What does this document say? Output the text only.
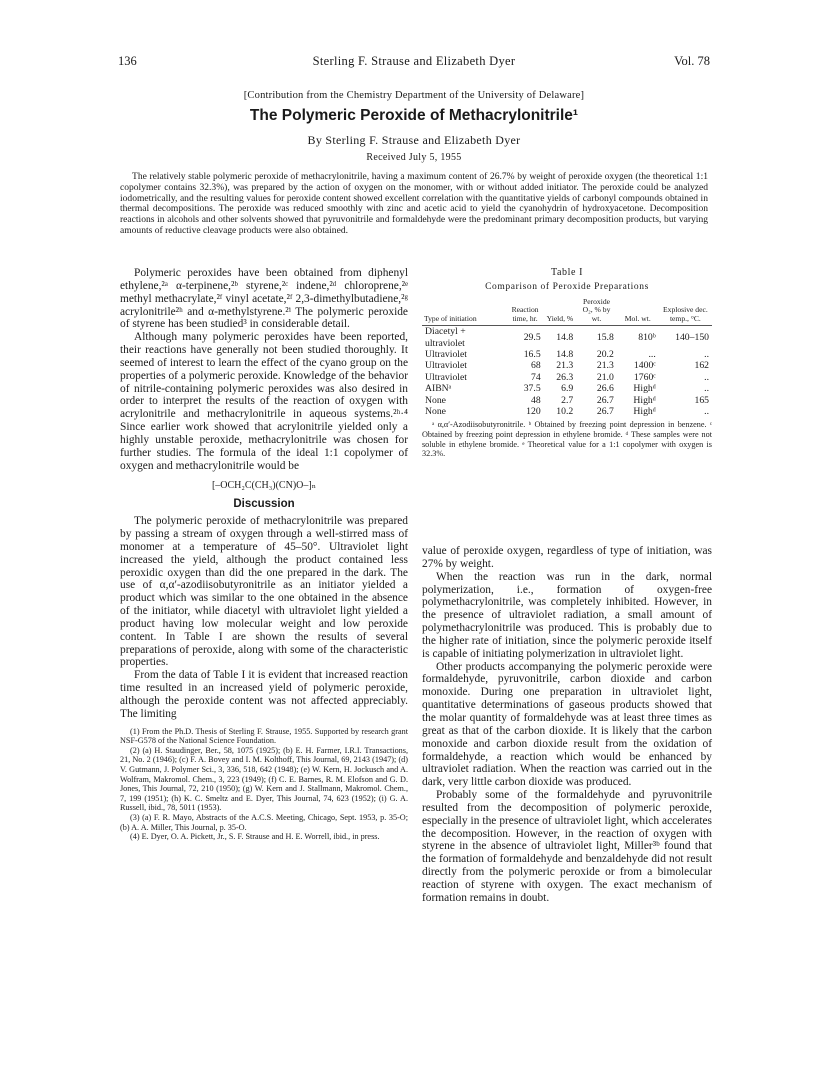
136	Sterling F. Strause and Elizabeth Dyer	Vol. 78
[Contribution from the Chemistry Department of the University of Delaware]
The Polymeric Peroxide of Methacrylonitrile¹
By Sterling F. Strause and Elizabeth Dyer
Received July 5, 1955
The relatively stable polymeric peroxide of methacrylonitrile, having a maximum content of 26.7% by weight of peroxide oxygen (the theoretical 1:1 copolymer contains 32.3%), was prepared by the action of oxygen on the monomer, with or without added initiator. The peroxide could be analyzed iodometrically, and the resulting values for peroxide content showed excellent correlation with the quantitative yields of carbonyl compounds obtained in thermal decompositions. The peroxide was reduced smoothly with zinc and acetic acid to yield the cyanohydrin of hydroxyacetone. Decomposition reactions in alcohols and other solvents showed that pyruvonitrile and formaldehyde were the predominant primary decomposition products, but varying amounts of reductive cleavage products were also obtained.

Polymeric peroxides have been obtained from diphenyl ethylene,²ᵃ α-terpinene,²ᵇ styrene,²ᶜ indene,²ᵈ chloroprene,²ᵉ methyl methacrylate,²ᶠ vinyl acetate,²ᶠ 2,3-dimethylbutadiene,²ᵍ acrylonitrile²ʰ and α-methylstyrene.²ⁱ The polymeric peroxide of styrene has been studied³ in considerable detail.

Although many polymeric peroxides have been reported, their reactions have generally not been studied thoroughly. It seemed of interest to learn the effect of the cyano group on the properties of a polymeric peroxide. Knowledge of the behavior of nitrile-containing polymeric peroxides was also desired in order to interpret the results of the reaction of oxygen with acrylonitrile and methacrylonitrile in aqueous systems.²ʰ·⁴ Since earlier work showed that acrylonitrile yielded only a highly unstable peroxide, methacrylonitrile was chosen for further studies. The formula of the ideal 1:1 copolymer of oxygen and methacrylonitrile would be

[–OCH₂C(CH₃)(CN)O–]ₙ
Discussion

The polymeric peroxide of methacrylonitrile was prepared by passing a stream of oxygen through a well-stirred mass of monomer at a temperature of 45–50°. Ultraviolet light increased the yield, although the product contained less peroxidic oxygen than did the one prepared in the dark. The use of α,α′-azodiisobutyronitrile as an initiator yielded a product which was similar to the one obtained in the absence of the initiator, while diacetyl with ultraviolet light yielded a product having low molecular weight and low peroxide content. In Table I are shown the results of several preparations of peroxide, along with some of the characteristic properties.

From the data of Table I it is evident that increased reaction time resulted in an increased yield of polymeric peroxide, although the peroxide content was not affected appreciably. The limiting

(1) From the Ph.D. Thesis of Sterling F. Strause, 1955. Supported by research grant NSF-G578 of the National Science Foundation.

(2) (a) H. Staudinger, Ber., 58, 1075 (1925); (b) E. H. Farmer, I.R.I. Transactions, 21, No. 2 (1946); (c) F. A. Bovey and I. M. Kolthoff, This Journal, 69, 2143 (1947); (d) V. Gutmann, J. Polymer Sci., 3, 336, 518, 642 (1948); (e) W. Kern, H. Jockusch and A. Wolfram, Makromol. Chem., 3, 223 (1949); (f) C. E. Barnes, R. M. Elofson and G. D. Jones, This Journal, 72, 210 (1950); (g) W. Kern and J. Stallmann, Makromol. Chem., 7, 199 (1951); (h) K. C. Smeltz and E. Dyer, This Journal, 74, 623 (1952); (i) G. A. Russell, ibid., 78, 5011 (1953).

(3) (a) F. R. Mayo, Abstracts of the A.C.S. Meeting, Chicago, Sept. 1953, p. 35-O; (b) A. A. Miller, This Journal, p. 35-O.

(4) E. Dyer, O. A. Pickett, Jr., S. F. Strause and H. E. Worrell, ibid., in press.

Table I
Comparison of Peroxide Preparations
Type of initiation	Reaction time, hr.	Yield, %	Peroxide O₂, % by wt.	Mol. wt.	Explosive dec. temp., °C.
Diacetyl + ultraviolet	29.5	14.8	15.8	810ᵇ	140–150
Ultraviolet	16.5	14.8	20.2	...	..
Ultraviolet	68	21.3	21.3	1400ᶜ	162
Ultraviolet	74	26.3	21.0	1760ᶜ	..
AIBNᵃ	37.5	6.9	26.6	Highᵈ	..
None	48	2.7	26.7	Highᵈ	165
None	120	10.2	26.7	Highᵈ	..
ᵃ α,α′-Azodiisobutyronitrile. ᵇ Obtained by freezing point depression in benzene. ᶜ Obtained by freezing point depression in ethylene bromide. ᵈ These samples were not soluble in ethylene bromide. ᵉ Theoretical value for a 1:1 copolymer with oxygen is 32.3%.

value of peroxide oxygen, regardless of type of initiation, was 27% by weight.

When the reaction was run in the dark, normal polymerization, i.e., formation of oxygen-free polymethacrylonitrile, was completely inhibited. However, in the presence of ultraviolet radiation, a small amount of polymethacrylonitrile was produced. This is probably due to the higher rate of initiation, since the polymeric peroxide itself is capable of initiating polymerization in ultraviolet light.

Other products accompanying the polymeric peroxide were formaldehyde, pyruvonitrile, carbon dioxide and carbon monoxide. During one preparation in ultraviolet light, quantitative determinations of gaseous products showed that the molar quantity of formaldehyde was at least three times as great as that of the carbon dioxide. It is likely that the carbon monoxide and carbon dioxide result from the oxidation of formaldehyde, a reaction which would be enhanced by ultraviolet radiation. When the reaction was carried out in the dark, very little carbon dioxide was produced.

Probably some of the formaldehyde and pyruvonitrile resulted from the decomposition of polymeric peroxide, especially in the presence of ultraviolet light, which accelerates the decomposition. However, in the reaction of oxygen with styrene in the absence of ultraviolet light, Miller³ᵇ found that the formation of formaldehyde and benzaldehyde did not result directly from the polymeric peroxide or from a bimolecular reaction of styrene with oxygen. The exact mechanism of formation remains in doubt.
